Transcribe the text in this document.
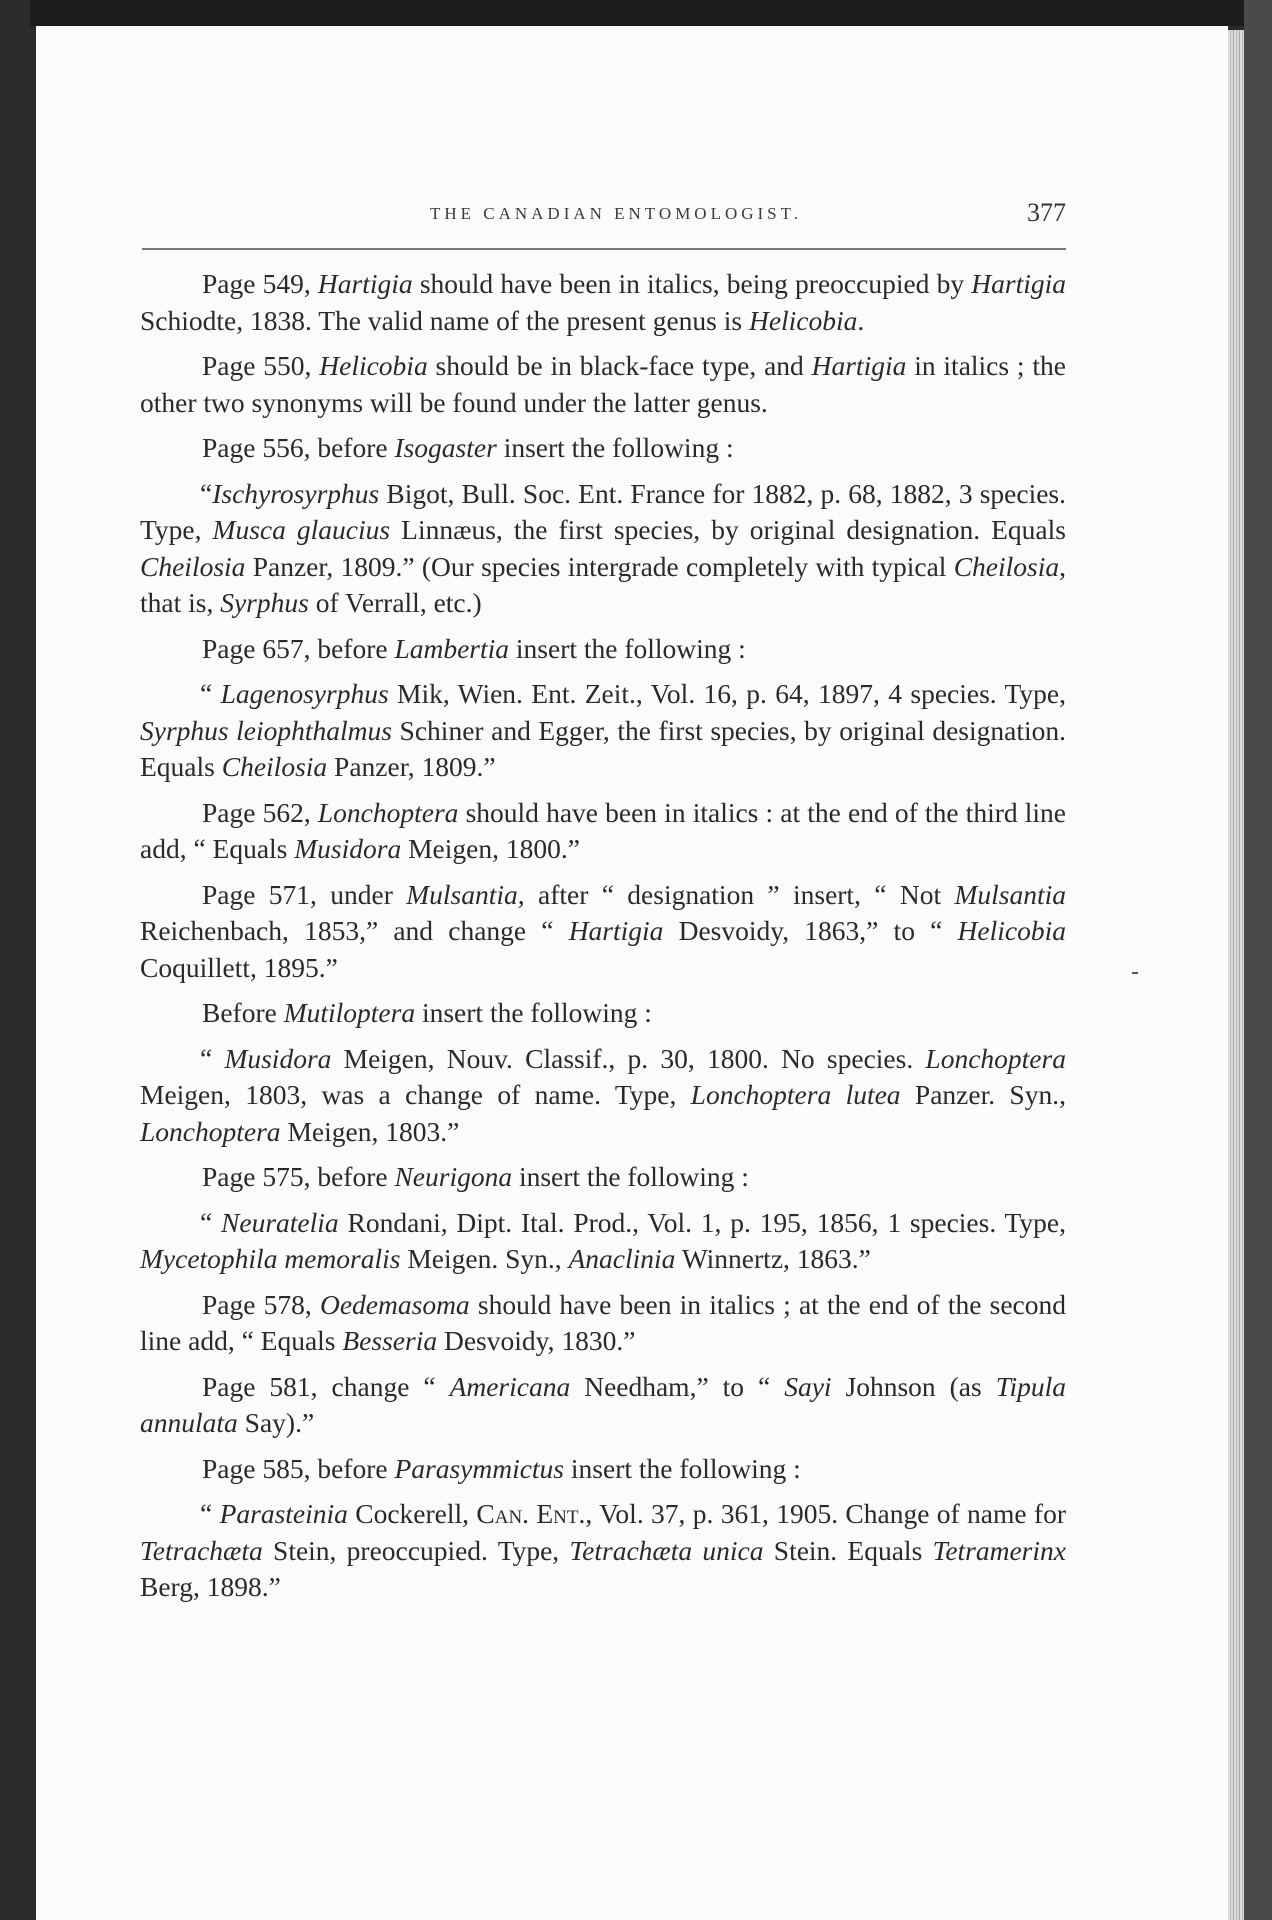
THE CANADIAN ENTOMOLOGIST.	377

Page 549, Hartigia should have been in italics, being preoccupied by Hartigia Schiodte, 1838. The valid name of the present genus is Helicobia.

Page 550, Helicobia should be in black-face type, and Hartigia in italics ; the other two synonyms will be found under the latter genus.

Page 556, before Isogaster insert the following :

“Ischyrosyrphus Bigot, Bull. Soc. Ent. France for 1882, p. 68, 1882, 3 species. Type, Musca glaucius Linnæus, the first species, by original designation. Equals Cheilosia Panzer, 1809.” (Our species intergrade completely with typical Cheilosia, that is, Syrphus of Verrall, etc.)

Page 657, before Lambertia insert the following :

“ Lagenosyrphus Mik, Wien. Ent. Zeit., Vol. 16, p. 64, 1897, 4 species. Type, Syrphus leiophthalmus Schiner and Egger, the first species, by original designation. Equals Cheilosia Panzer, 1809.”

Page 562, Lonchoptera should have been in italics : at the end of the third line add, “ Equals Musidora Meigen, 1800.”

Page 571, under Mulsantia, after “ designation ” insert, “ Not Mulsantia Reichenbach, 1853,” and change “ Hartigia Desvoidy, 1863,” to “ Helicobia Coquillett, 1895.”

Before Mutiloptera insert the following :

“ Musidora Meigen, Nouv. Classif., p. 30, 1800. No species. Lonchoptera Meigen, 1803, was a change of name. Type, Lonchoptera lutea Panzer. Syn., Lonchoptera Meigen, 1803.”

Page 575, before Neurigona insert the following :

“ Neuratelia Rondani, Dipt. Ital. Prod., Vol. 1, p. 195, 1856, 1 species. Type, Mycetophila memoralis Meigen. Syn., Anaclinia Winnertz, 1863.”

Page 578, Oedemasoma should have been in italics ; at the end of the second line add, “ Equals Besseria Desvoidy, 1830.”

Page 581, change “ Americana Needham,” to “ Sayi Johnson (as Tipula annulata Say).”

Page 585, before Parasymmictus insert the following :

“ Parasteinia Cockerell, Can. Ent., Vol. 37, p. 361, 1905. Change of name for Tetrachæta Stein, preoccupied. Type, Tetrachæta unica Stein. Equals Tetramerinx Berg, 1898.”
